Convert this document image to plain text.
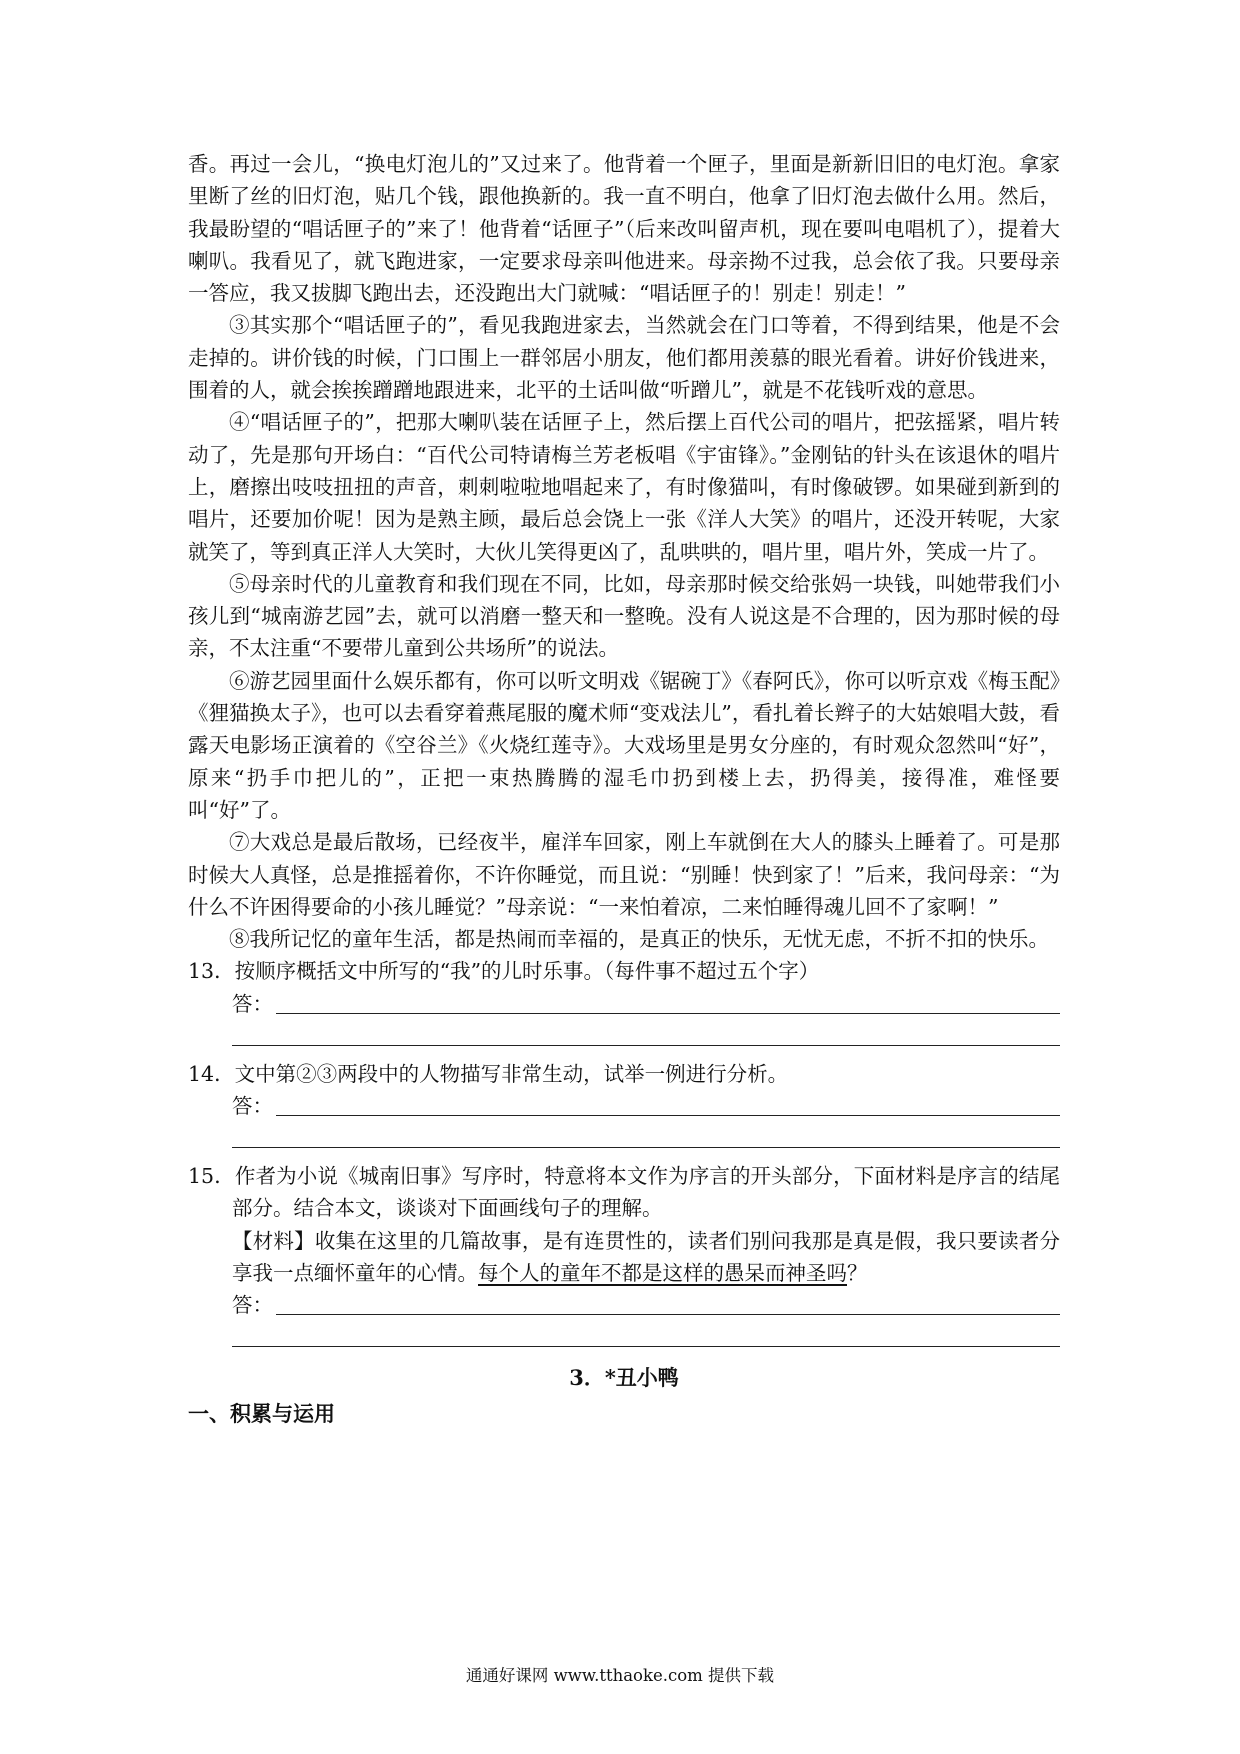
香。再过一会儿，“换电灯泡儿的”又过来了。他背着一个匣子，里面是新新旧旧的电灯泡。拿家里断了丝的旧灯泡，贴几个钱，跟他换新的。我一直不明白，他拿了旧灯泡去做什么用。然后，我最盼望的“唱话匣子的”来了！他背着“话匣子”（后来改叫留声机，现在要叫电唱机了），提着大喇叭。我看见了，就飞跑进家，一定要求母亲叫他进来。母亲拗不过我，总会依了我。只要母亲一答应，我又拔脚飞跑出去，还没跑出大门就喊：“唱话匣子的！别走！别走！”

③其实那个“唱话匣子的”，看见我跑进家去，当然就会在门口等着，不得到结果，他是不会走掉的。讲价钱的时候，门口围上一群邻居小朋友，他们都用羡慕的眼光看着。讲好价钱进来，围着的人，就会挨挨蹭蹭地跟进来，北平的土话叫做“听蹭儿”，就是不花钱听戏的意思。

④“唱话匣子的”，把那大喇叭装在话匣子上，然后摆上百代公司的唱片，把弦摇紧，唱片转动了，先是那句开场白：“百代公司特请梅兰芳老板唱《宇宙锋》。”金刚钻的针头在该退休的唱片上，磨擦出吱吱扭扭的声音，刺刺啦啦地唱起来了，有时像猫叫，有时像破锣。如果碰到新到的唱片，还要加价呢！因为是熟主顾，最后总会饶上一张《洋人大笑》的唱片，还没开转呢，大家就笑了，等到真正洋人大笑时，大伙儿笑得更凶了，乱哄哄的，唱片里，唱片外，笑成一片了。

⑤母亲时代的儿童教育和我们现在不同，比如，母亲那时候交给张妈一块钱，叫她带我们小孩儿到“城南游艺园”去，就可以消磨一整天和一整晚。没有人说这是不合理的，因为那时候的母亲，不太注重“不要带儿童到公共场所”的说法。

⑥游艺园里面什么娱乐都有，你可以听文明戏《锯碗丁》《春阿氏》，你可以听京戏《梅玉配》《狸猫换太子》，也可以去看穿着燕尾服的魔术师“变戏法儿”，看扎着长辫子的大姑娘唱大鼓，看露天电影场正演着的《空谷兰》《火烧红莲寺》。大戏场里是男女分座的，有时观众忽然叫“好”，原来“扔手巾把儿的”，正把一束热腾腾的湿毛巾扔到楼上去，扔得美，接得准，难怪要叫“好”了。

⑦大戏总是最后散场，已经夜半，雇洋车回家，刚上车就倒在大人的膝头上睡着了。可是那时候大人真怪，总是推摇着你，不许你睡觉，而且说：“别睡！快到家了！”后来，我问母亲：“为什么不许困得要命的小孩儿睡觉？”母亲说：“一来怕着凉，二来怕睡得魂儿回不了家啊！”

⑧我所记忆的童年生活，都是热闹而幸福的，是真正的快乐，无忧无虑，不折不扣的快乐。

13．按顺序概括文中所写的“我”的儿时乐事。（每件事不超过五个字）

答：

14．文中第②③两段中的人物描写非常生动，试举一例进行分析。

答：

15．作者为小说《城南旧事》写序时，特意将本文作为序言的开头部分，下面材料是序言的结尾部分。结合本文，谈谈对下面画线句子的理解。

【材料】收集在这里的几篇故事，是有连贯性的，读者们别问我那是真是假，我只要读者分享我一点缅怀童年的心情。每个人的童年不都是这样的愚呆而神圣吗？

答：
3．*丑小鸭
一、积累与运用
通通好课网 www.tthaoke.com 提供下载
